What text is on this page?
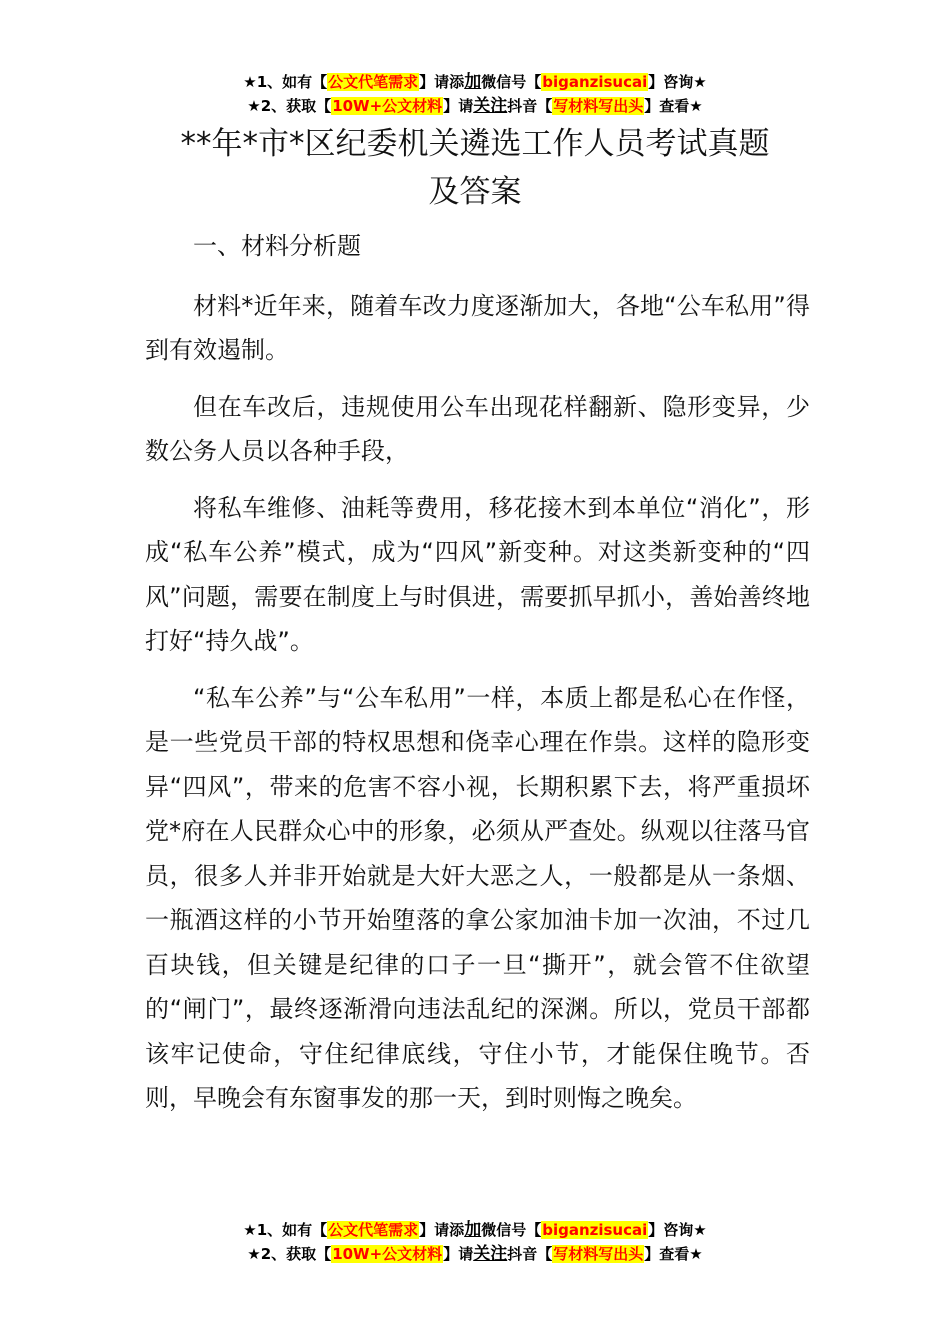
★1、如有【公文代笔需求】请添加微信号【biganzisucai】咨询★
★2、获取【10W+公文材料】请关注抖音【写材料写出头】查看★
**年*市*区纪委机关遴选工作人员考试真题
及答案

一、材料分析题

材料*近年来，随着车改力度逐渐加大，各地“公车私用”得到有效遏制。

但在车改后，违规使用公车出现花样翻新、隐形变异，少数公务人员以各种手段，

将私车维修、油耗等费用，移花接木到本单位“消化”，形成“私车公养”模式，成为“四风”新变种。对这类新变种的“四风”问题，需要在制度上与时俱进，需要抓早抓小，善始善终地打好“持久战”。

“私车公养”与“公车私用”一样，本质上都是私心在作怪，是一些党员干部的特权思想和侥幸心理在作祟。这样的隐形变异“四风”，带来的危害不容小视，长期积累下去，将严重损坏党*府在人民群众心中的形象，必须从严查处。纵观以往落马官员，很多人并非开始就是大奸大恶之人，一般都是从一条烟、一瓶酒这样的小节开始堕落的拿公家加油卡加一次油，不过几百块钱，但关键是纪律的口子一旦“撕开”，就会管不住欲望的“闸门”，最终逐渐滑向违法乱纪的深渊。所以，党员干部都该牢记使命，守住纪律底线，守住小节，才能保住晚节。否则，早晚会有东窗事发的那一天，到时则悔之晚矣。

★1、如有【公文代笔需求】请添加微信号【biganzisucai】咨询★
★2、获取【10W+公文材料】请关注抖音【写材料写出头】查看★
